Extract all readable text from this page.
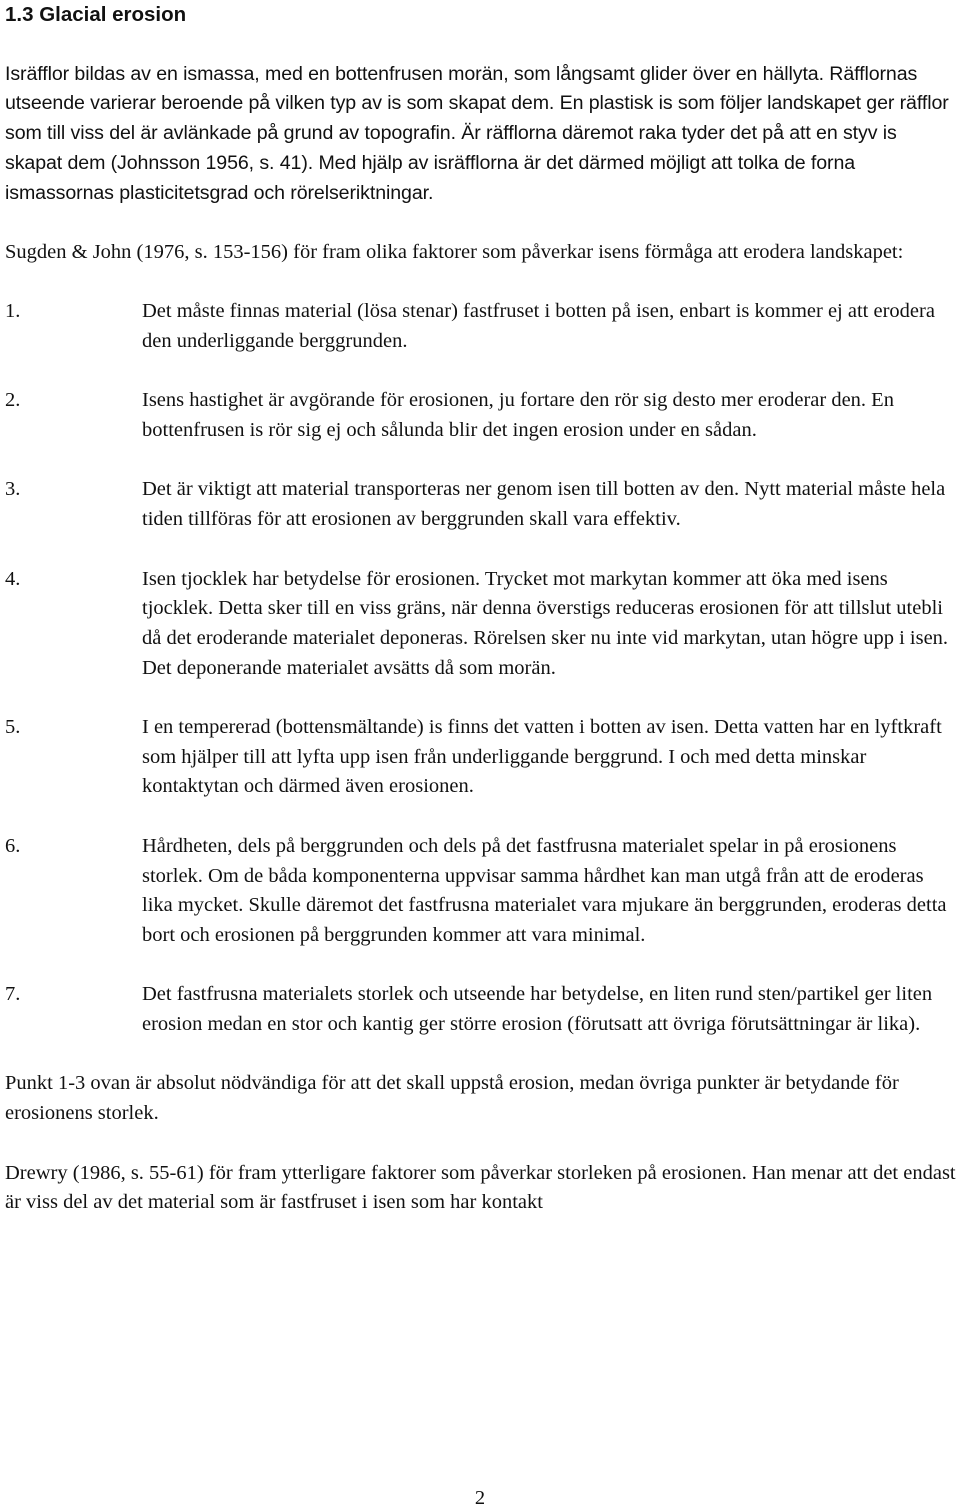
1.3 Glacial erosion

Isräfflor bildas av en ismassa, med en bottenfrusen morän, som långsamt glider över en hällyta. Räfflornas utseende varierar beroende på vilken typ av is som skapat dem. En plastisk is som följer landskapet ger räfflor som till viss del är avlänkade på grund av topografin. Är räfflorna däremot raka tyder det på att en styv is skapat dem (Johnsson 1956, s. 41). Med hjälp av isräfflorna är det därmed möjligt att tolka de forna ismassornas plasticitetsgrad och rörelseriktningar.

Sugden & John (1976, s. 153-156) för fram olika faktorer som påverkar isens förmåga att erodera landskapet:

1.	Det måste finnas material (lösa stenar) fastfruset i botten på isen, enbart is kommer ej att erodera den underliggande berggrunden.
2.	Isens hastighet är avgörande för erosionen, ju fortare den rör sig desto mer eroderar den. En bottenfrusen is rör sig ej och sålunda blir det ingen erosion under en sådan.
3.	Det är viktigt att material transporteras ner genom isen till botten av den. Nytt material måste hela tiden tillföras för att erosionen av berggrunden skall vara effektiv.
4.	Isen tjocklek har betydelse för erosionen. Trycket mot markytan kommer att öka med isens tjocklek. Detta sker till en viss gräns, när denna överstigs reduceras erosionen för att tillslut utebli då det eroderande materialet deponeras. Rörelsen sker nu inte vid markytan, utan högre upp i isen. Det deponerande materialet avsätts då som morän.
5.	I en tempererad (bottensmältande) is finns det vatten i botten av isen. Detta vatten har en lyftkraft som hjälper till att lyfta upp isen från underliggande berggrund. I och med detta minskar kontaktytan och därmed även erosionen.
6.	Hårdheten, dels på berggrunden och dels på det fastfrusna materialet spelar in på erosionens storlek. Om de båda komponenterna uppvisar samma hårdhet kan man utgå från att de eroderas lika mycket. Skulle däremot det fastfrusna materialet vara mjukare än berggrunden, eroderas detta bort och erosionen på berggrunden kommer att vara minimal.
7.	Det fastfrusna materialets storlek och utseende har betydelse, en liten rund sten/partikel ger liten erosion medan en stor och kantig ger större erosion (förutsatt att övriga förutsättningar är lika).

Punkt 1-3 ovan är absolut nödvändiga för att det skall uppstå erosion, medan övriga punkter är betydande för erosionens storlek.

Drewry (1986, s. 55-61) för fram ytterligare faktorer som påverkar storleken på erosionen. Han menar att det endast är viss del av det material som är fastfruset i isen som har kontakt

2
